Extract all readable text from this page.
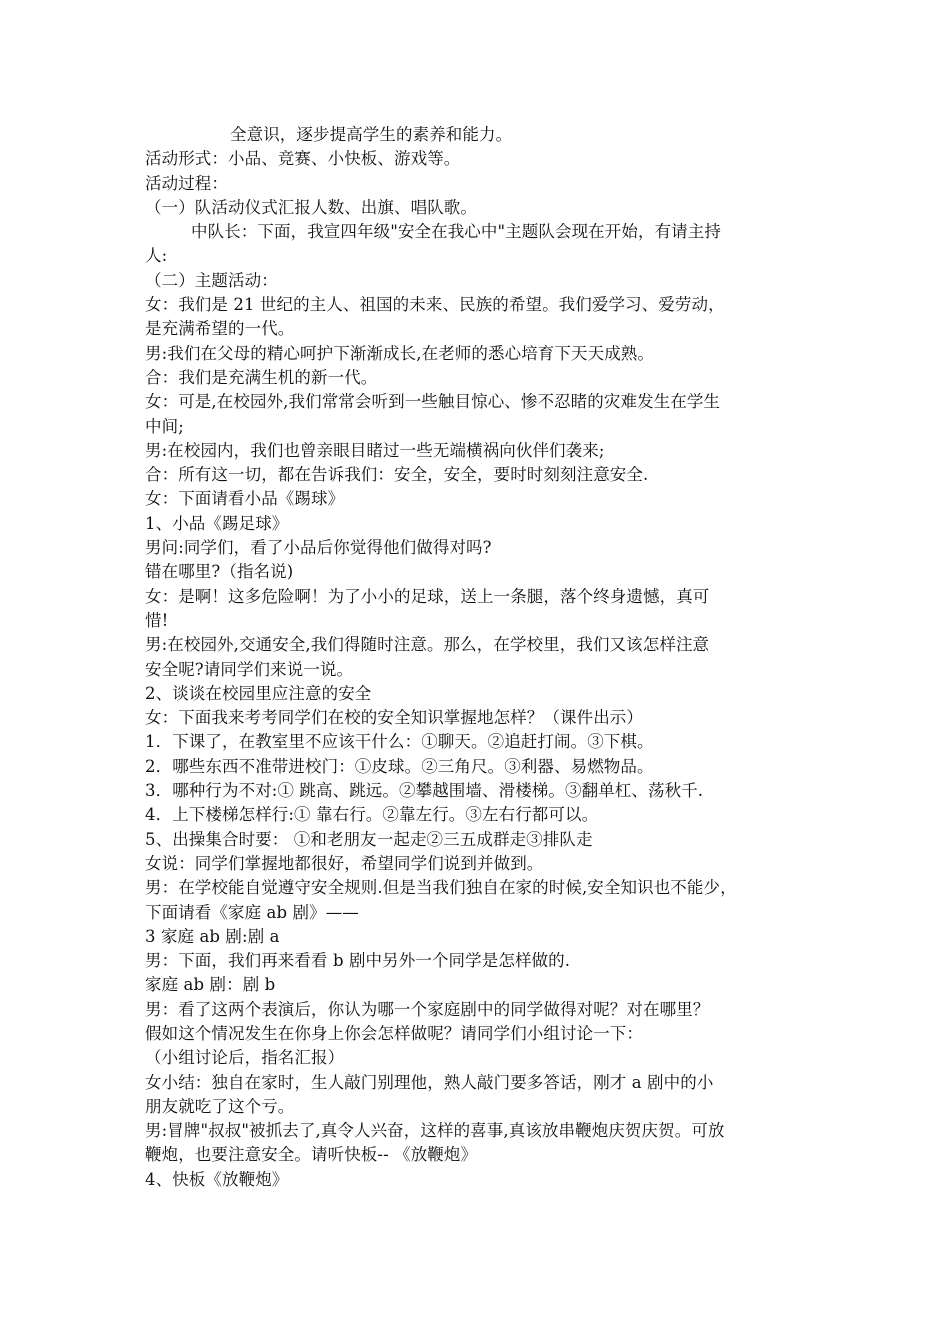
全意识，逐步提高学生的素养和能力。
活动形式：小品、竞赛、小快板、游戏等。
活动过程：
（一）队活动仪式汇报人数、出旗、唱队歌。
中队长：下面，我宣四年级"安全在我心中"主题队会现在开始，有请主持
人:
（二）主题活动：
女：我们是 21 世纪的主人、祖国的未来、民族的希望。我们爱学习、爱劳动，
是充满希望的一代。
男:我们在父母的精心呵护下渐渐成长,在老师的悉心培育下天天成熟。
合：我们是充满生机的新一代。
女：可是,在校园外,我们常常会听到一些触目惊心、惨不忍睹的灾难发生在学生
中间;
男:在校园内，我们也曾亲眼目睹过一些无端横祸向伙伴们袭来;
合：所有这一切，都在告诉我们：安全，安全，要时时刻刻注意安全.
女：下面请看小品《踢球》
1、小品《踢足球》
男问:同学们，看了小品后你觉得他们做得对吗?
错在哪里?（指名说)
女：是啊！这多危险啊！为了小小的足球，送上一条腿，落个终身遗憾，真可
惜!
男:在校园外,交通安全,我们得随时注意。那么，在学校里，我们又该怎样注意
安全呢?请同学们来说一说。
2、谈谈在校园里应注意的安全
女：下面我来考考同学们在校的安全知识掌握地怎样？（课件出示）
1．下课了，在教室里不应该干什么：①聊天。②追赶打闹。③下棋。
2．哪些东西不准带进校门：①皮球。②三角尺。③利器、易燃物品。
3．哪种行为不对:① 跳高、跳远。②攀越围墙、滑楼梯。③翻单杠、荡秋千.
4．上下楼梯怎样行:① 靠右行。②靠左行。③左右行都可以。
5、出操集合时要： ①和老朋友一起走②三五成群走③排队走
女说：同学们掌握地都很好，希望同学们说到并做到。
男：在学校能自觉遵守安全规则.但是当我们独自在家的时候,安全知识也不能少，
下面请看《家庭 ab 剧》——
3 家庭 ab 剧:剧 a
男：下面，我们再来看看 b 剧中另外一个同学是怎样做的.
家庭 ab 剧：剧 b
男：看了这两个表演后，你认为哪一个家庭剧中的同学做得对呢？对在哪里？
假如这个情况发生在你身上你会怎样做呢？请同学们小组讨论一下：
（小组讨论后，指名汇报）
女小结：独自在家时，生人敲门别理他，熟人敲门要多答话，刚才 a 剧中的小
朋友就吃了这个亏。
男:冒牌"叔叔"被抓去了,真令人兴奋，这样的喜事,真该放串鞭炮庆贺庆贺。可放
鞭炮，也要注意安全。请听快板-- 《放鞭炮》
4、快板《放鞭炮》
